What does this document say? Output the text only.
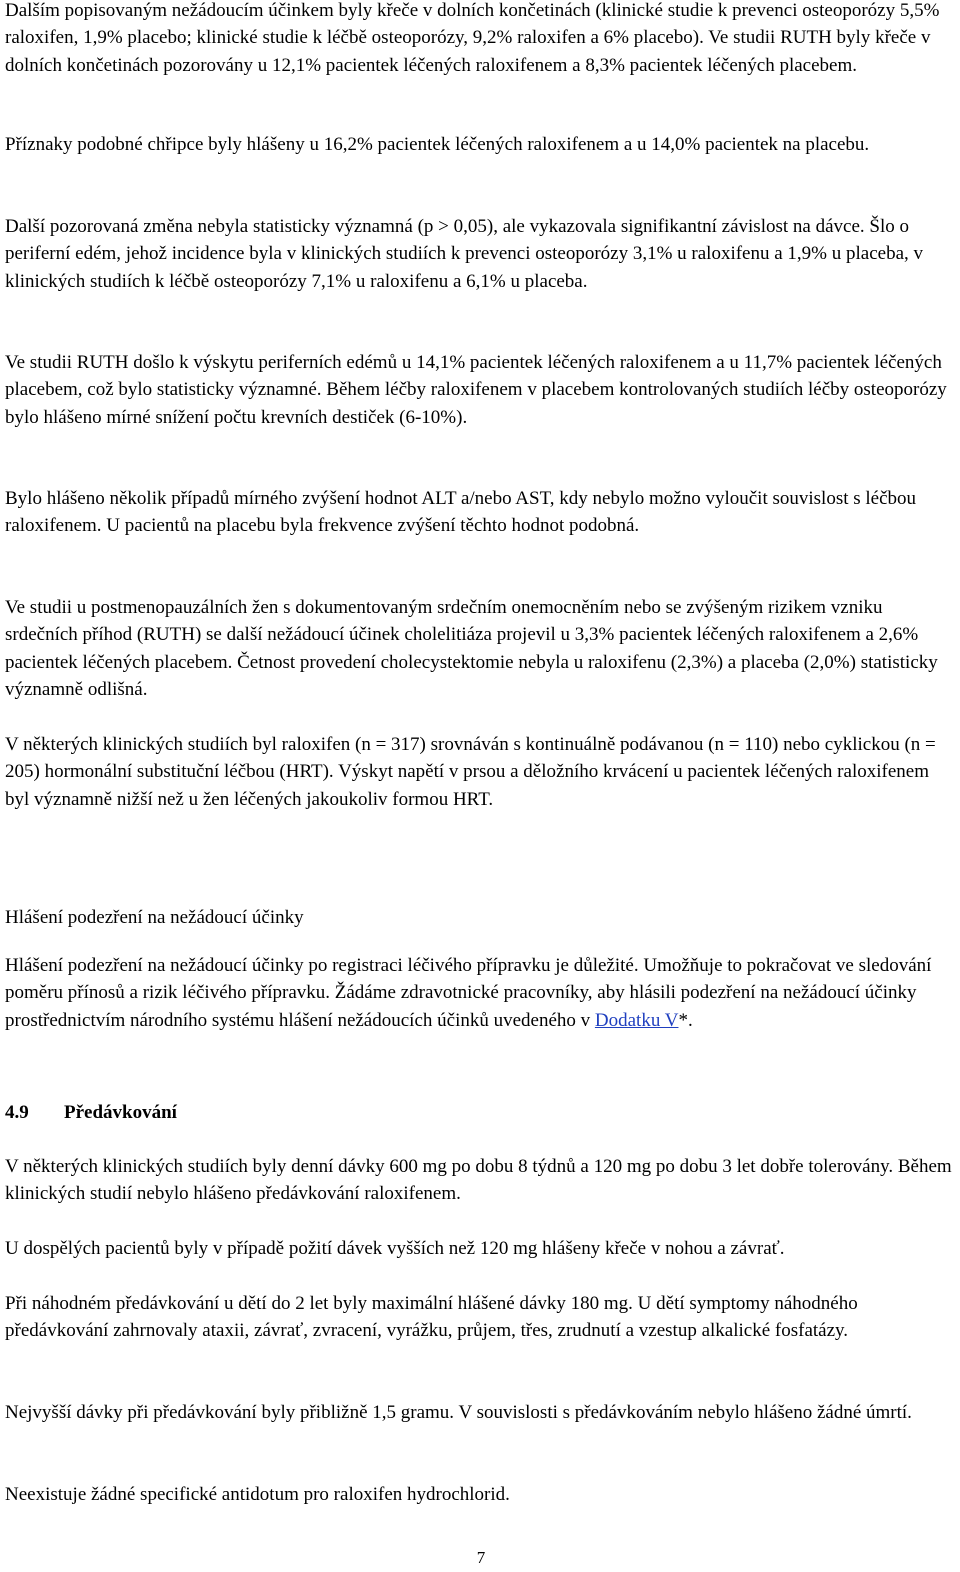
Dalším popisovaným nežádoucím účinkem byly křeče v dolních končetinách (klinické studie k prevenci osteoporózy 5,5% raloxifen, 1,9% placebo; klinické studie k léčbě osteoporózy, 9,2% raloxifen a 6% placebo). Ve studii RUTH byly křeče v dolních končetinách pozorovány u 12,1% pacientek léčených raloxifenem a 8,3% pacientek léčených placebem.

Příznaky podobné chřipce byly hlášeny u 16,2% pacientek léčených raloxifenem a u 14,0% pacientek na placebu.

Další pozorovaná změna nebyla statisticky významná (p > 0,05), ale vykazovala signifikantní závislost na dávce. Šlo o periferní edém, jehož incidence byla v klinických studiích k prevenci osteoporózy 3,1% u raloxifenu a 1,9% u placeba, v klinických studiích k léčbě osteoporózy 7,1% u raloxifenu a 6,1% u placeba.

Ve studii RUTH došlo k výskytu periferních edémů u 14,1% pacientek léčených raloxifenem a u 11,7% pacientek léčených placebem, což bylo statisticky významné. Během léčby raloxifenem v placebem kontrolovaných studiích léčby osteoporózy bylo hlášeno mírné snížení počtu krevních destiček (6-10%).

Bylo hlášeno několik případů mírného zvýšení hodnot ALT a/nebo AST, kdy nebylo možno vyloučit souvislost s léčbou raloxifenem. U pacientů na placebu byla frekvence zvýšení těchto hodnot podobná.

Ve studii u postmenopauzálních žen s dokumentovaným srdečním onemocněním nebo se zvýšeným rizikem vzniku srdečních příhod (RUTH) se další nežádoucí účinek cholelitiáza projevil u 3,3% pacientek léčených raloxifenem a 2,6% pacientek léčených placebem. Četnost provedení cholecystektomie nebyla u raloxifenu (2,3%) a placeba (2,0%) statisticky významně odlišná.

V některých klinických studiích byl raloxifen (n = 317) srovnáván s kontinuálně podávanou (n = 110) nebo cyklickou (n = 205) hormonální substituční léčbou (HRT). Výskyt napětí v prsou a děložního krvácení u pacientek léčených raloxifenem byl významně nižší než u žen léčených jakoukoliv formou HRT.

Hlášení podezření na nežádoucí účinky

Hlášení podezření na nežádoucí účinky po registraci léčivého přípravku je důležité. Umožňuje to pokračovat ve sledování poměru přínosů a rizik léčivého přípravku. Žádáme zdravotnické pracovníky, aby hlásili podezření na nežádoucí účinky prostřednictvím národního systému hlášení nežádoucích účinků uvedeného v Dodatku V*.

4.9 Předávkování

V některých klinických studiích byly denní dávky 600 mg po dobu 8 týdnů a 120 mg po dobu 3 let dobře tolerovány. Během klinických studií nebylo hlášeno předávkování raloxifenem.

U dospělých pacientů byly v případě požití dávek vyšších než 120 mg hlášeny křeče v nohou a závrať.

Při náhodném předávkování u dětí do 2 let byly maximální hlášené dávky 180 mg. U dětí symptomy náhodného předávkování zahrnovaly ataxii, závrať, zvracení, vyrážku, průjem, třes, zrudnutí a vzestup alkalické fosfatázy.

Nejvyšší dávky při předávkování byly přibližně 1,5 gramu. V souvislosti s předávkováním nebylo hlášeno žádné úmrtí.

Neexistuje žádné specifické antidotum pro raloxifen hydrochlorid.

7
